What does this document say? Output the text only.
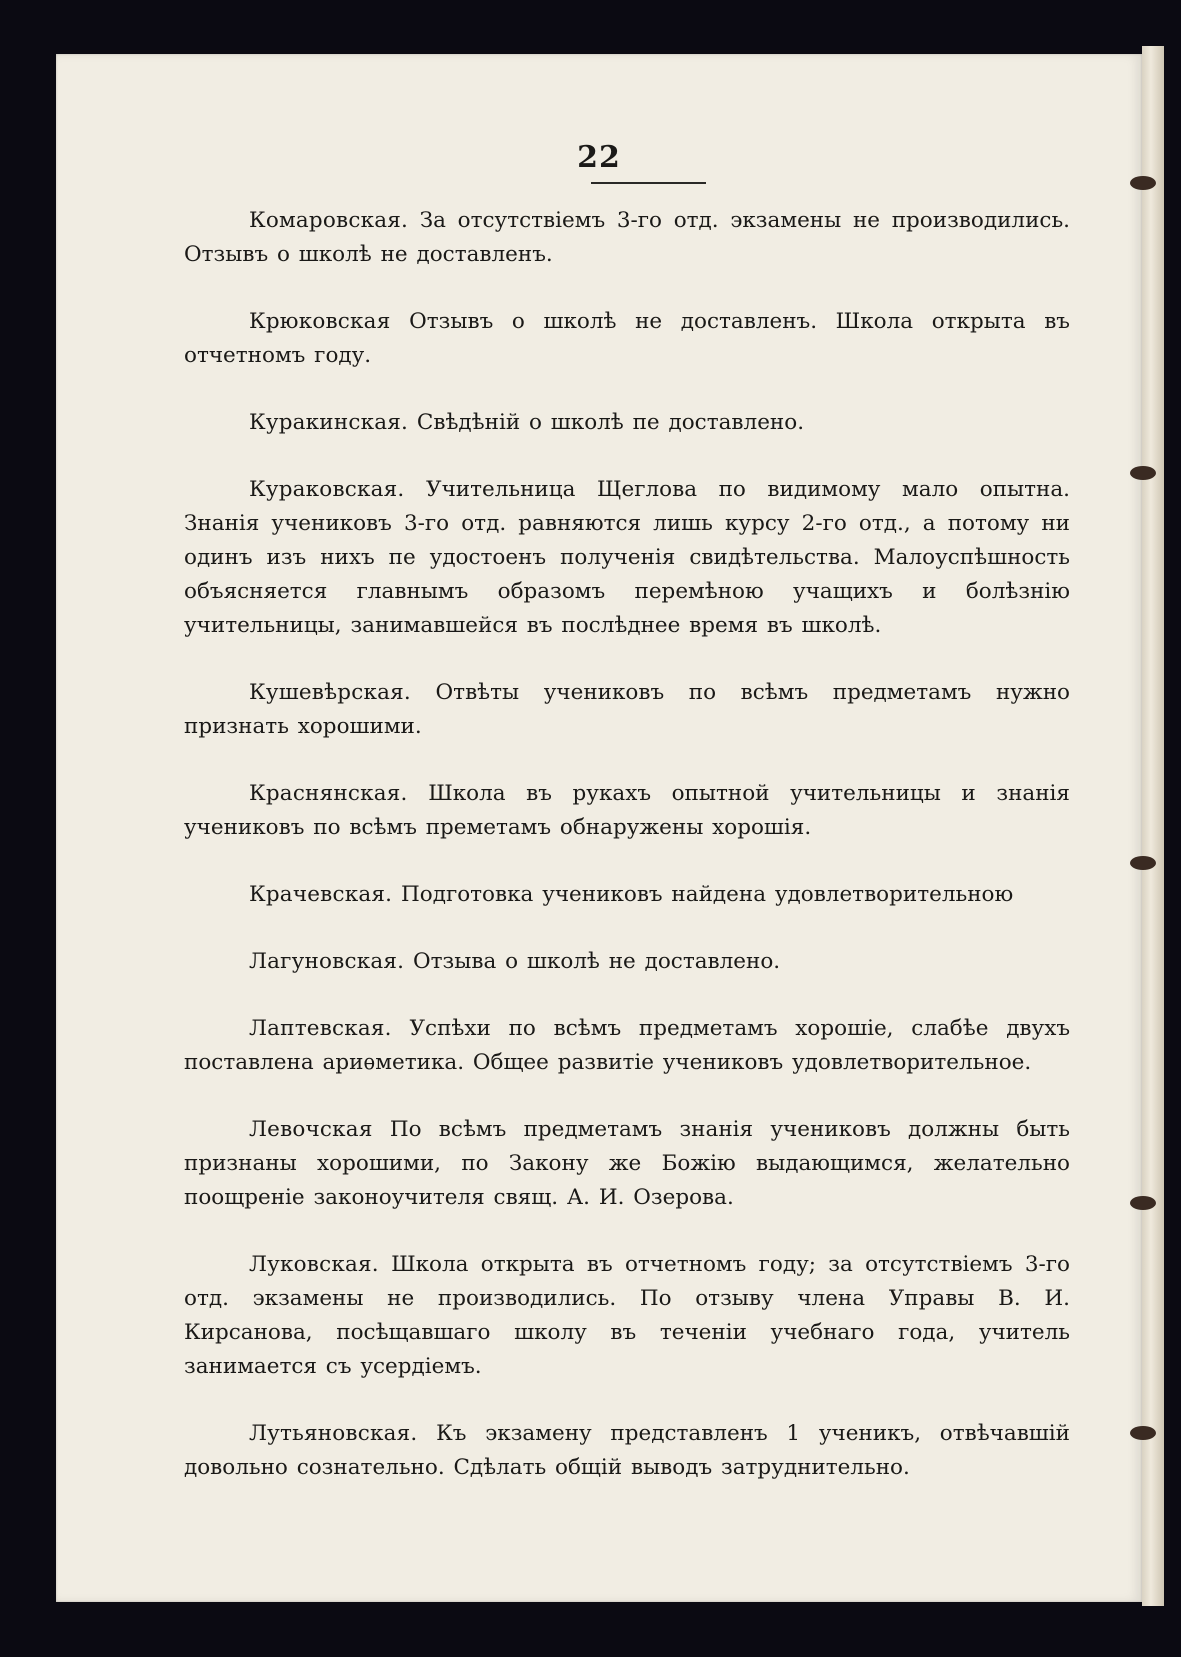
22

Комаровская. За отсутствіемъ 3-го отд. экзамены не производились. Отзывъ о школѣ не доставленъ.

Крюковская Отзывъ о школѣ не доставленъ. Школа открыта въ отчетномъ году.

Куракинская. Свѣдѣній о школѣ пе доставлено.

Кураковская. Учительница Щеглова по видимому мало опытна. Знанія учениковъ 3-го отд. равняются лишь курсу 2-го отд., а потому ни одинъ изъ нихъ пе удостоенъ полученія свидѣтельства. Малоуспѣшность объясняется главнымъ образомъ перемѣною учащихъ и болѣзнію учительницы, занимавшейся въ послѣднее время въ школѣ.

Кушевѣрская. Отвѣты учениковъ по всѣмъ предметамъ нужно признать хорошими.

Краснянская. Школа въ рукахъ опытной учительницы и знанія учениковъ по всѣмъ преметамъ обнаружены хорошія.

Крачевская. Подготовка учениковъ найдена удовлетворительною

Лагуновская. Отзыва о школѣ не доставлено.

Лаптевская. Успѣхи по всѣмъ предметамъ хорошіе, слабѣе двухъ поставлена ариѳметика. Общее развитіе учениковъ удовлетворительное.

Левочская По всѣмъ предметамъ знанія учениковъ должны быть признаны хорошими, по Закону же Божію выдающимся, желательно поощреніе законоучителя свящ. А. И. Озерова.

Луковская. Школа открыта въ отчетномъ году; за отсутствіемъ 3-го отд. экзамены не производились. По отзыву члена Управы В. И. Кирсанова, посѣщавшаго школу въ теченіи учебнаго года, учитель занимается съ усердіемъ.

Лутьяновская. Къ экзамену представленъ 1 ученикъ, отвѣчавшій довольно сознательно. Сдѣлать общій выводъ затруднительно.
